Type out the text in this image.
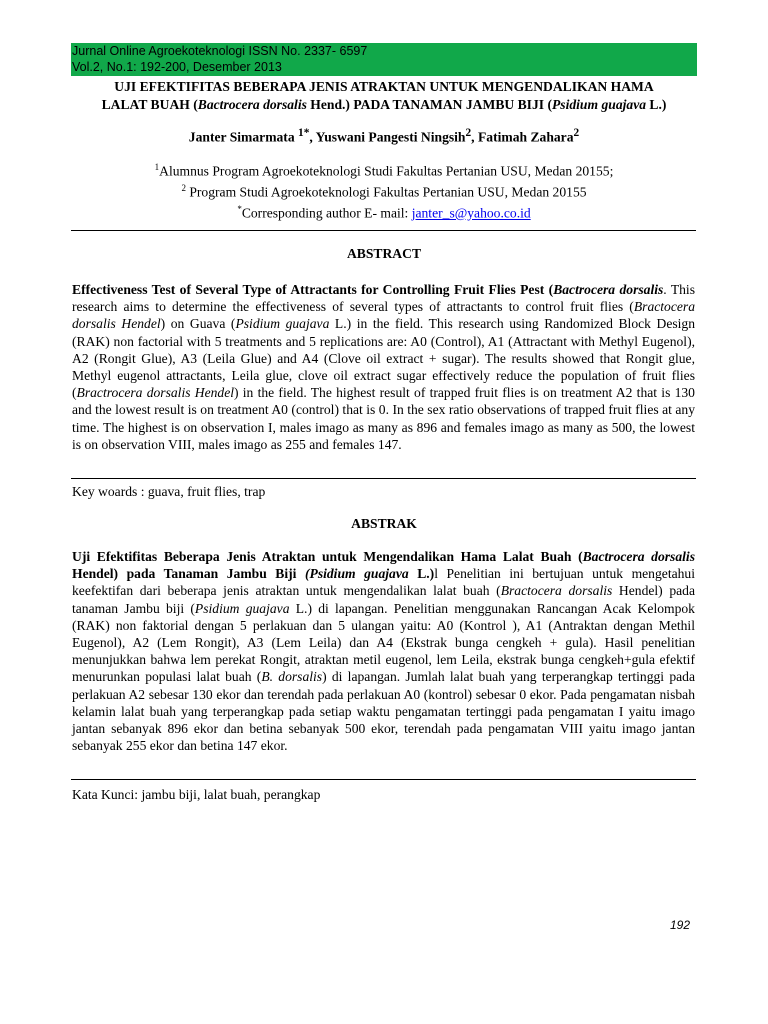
Jurnal Online Agroekoteknologi ISSN No. 2337- 6597
Vol.2, No.1: 192-200, Desember 2013
UJI EFEKTIFITAS BEBERAPA JENIS ATRAKTAN UNTUK MENGENDALIKAN HAMA
LALAT BUAH (Bactrocera dorsalis Hend.) PADA TANAMAN JAMBU BIJI (Psidium guajava L.)
Janter Simarmata $^{1*}$, Yuswani Pangesti Ningsih$^2$, Fatimah Zahara$^2$
$^1$Alumnus Program Agroekoteknologi Studi Fakultas Pertanian USU, Medan 20155;
$^2$ Program Studi Agroekoteknologi Fakultas Pertanian USU, Medan 20155
*Corresponding author E- mail: janter_s@yahoo.co.id
ABSTRACT

Effectiveness Test of Several Type of Attractants for Controlling Fruit Flies Pest (Bactrocera dorsalis. This research aims to determine the effectiveness of several types of attractants to control fruit flies (Bractocera dorsalis Hendel) on Guava (Psidium guajava L.) in the field. This research using Randomized Block Design (RAK) non factorial with 5 treatments and 5 replications are: A0 (Control), A1 (Attractant with Methyl Eugenol), A2 (Rongit Glue), A3 (Leila Glue) and A4 (Clove oil extract + sugar). The results showed that Rongit glue, Methyl eugenol attractants, Leila glue, clove oil extract sugar effectively reduce the population of fruit flies (Bractrocera dorsalis Hendel) in the field. The highest result of trapped fruit flies is on treatment A2 that is 130 and the lowest result is on treatment A0 (control) that is 0. In the sex ratio observations of trapped fruit flies at any time. The highest is on observation I, males imago as many as 896 and females imago as many as 500, the lowest is on observation VIII, males imago as 255 and females 147.

Key woards : guava, fruit flies, trap
ABSTRAK

Uji Efektifitas Beberapa Jenis Atraktan untuk Mengendalikan Hama Lalat Buah (Bactrocera dorsalis Hendel) pada Tanaman Jambu Biji (Psidium guajava L.)l Penelitian ini bertujuan untuk mengetahui keefektifan dari beberapa jenis atraktan untuk mengendalikan lalat buah (Bractocera dorsalis Hendel) pada tanaman Jambu biji (Psidium guajava L.) di lapangan. Penelitian menggunakan Rancangan Acak Kelompok (RAK) non faktorial dengan 5 perlakuan dan 5 ulangan yaitu: A0 (Kontrol ), A1 (Antraktan dengan Methil Eugenol), A2 (Lem Rongit), A3 (Lem Leila) dan A4 (Ekstrak bunga cengkeh + gula). Hasil penelitian menunjukkan bahwa lem perekat Rongit, atraktan metil eugenol, lem Leila, ekstrak bunga cengkeh+gula efektif menurunkan populasi lalat buah (B. dorsalis) di lapangan. Jumlah lalat buah yang terperangkap tertinggi pada perlakuan A2 sebesar 130 ekor dan terendah pada perlakuan A0 (kontrol) sebesar 0 ekor. Pada pengamatan nisbah kelamin lalat buah yang terperangkap pada setiap waktu pengamatan tertinggi pada pengamatan I yaitu imago jantan sebanyak 896 ekor dan betina sebanyak 500 ekor, terendah pada pengamatan VIII yaitu imago jantan sebanyak 255 ekor dan betina 147 ekor.

Kata Kunci: jambu biji, lalat buah, perangkap
192
